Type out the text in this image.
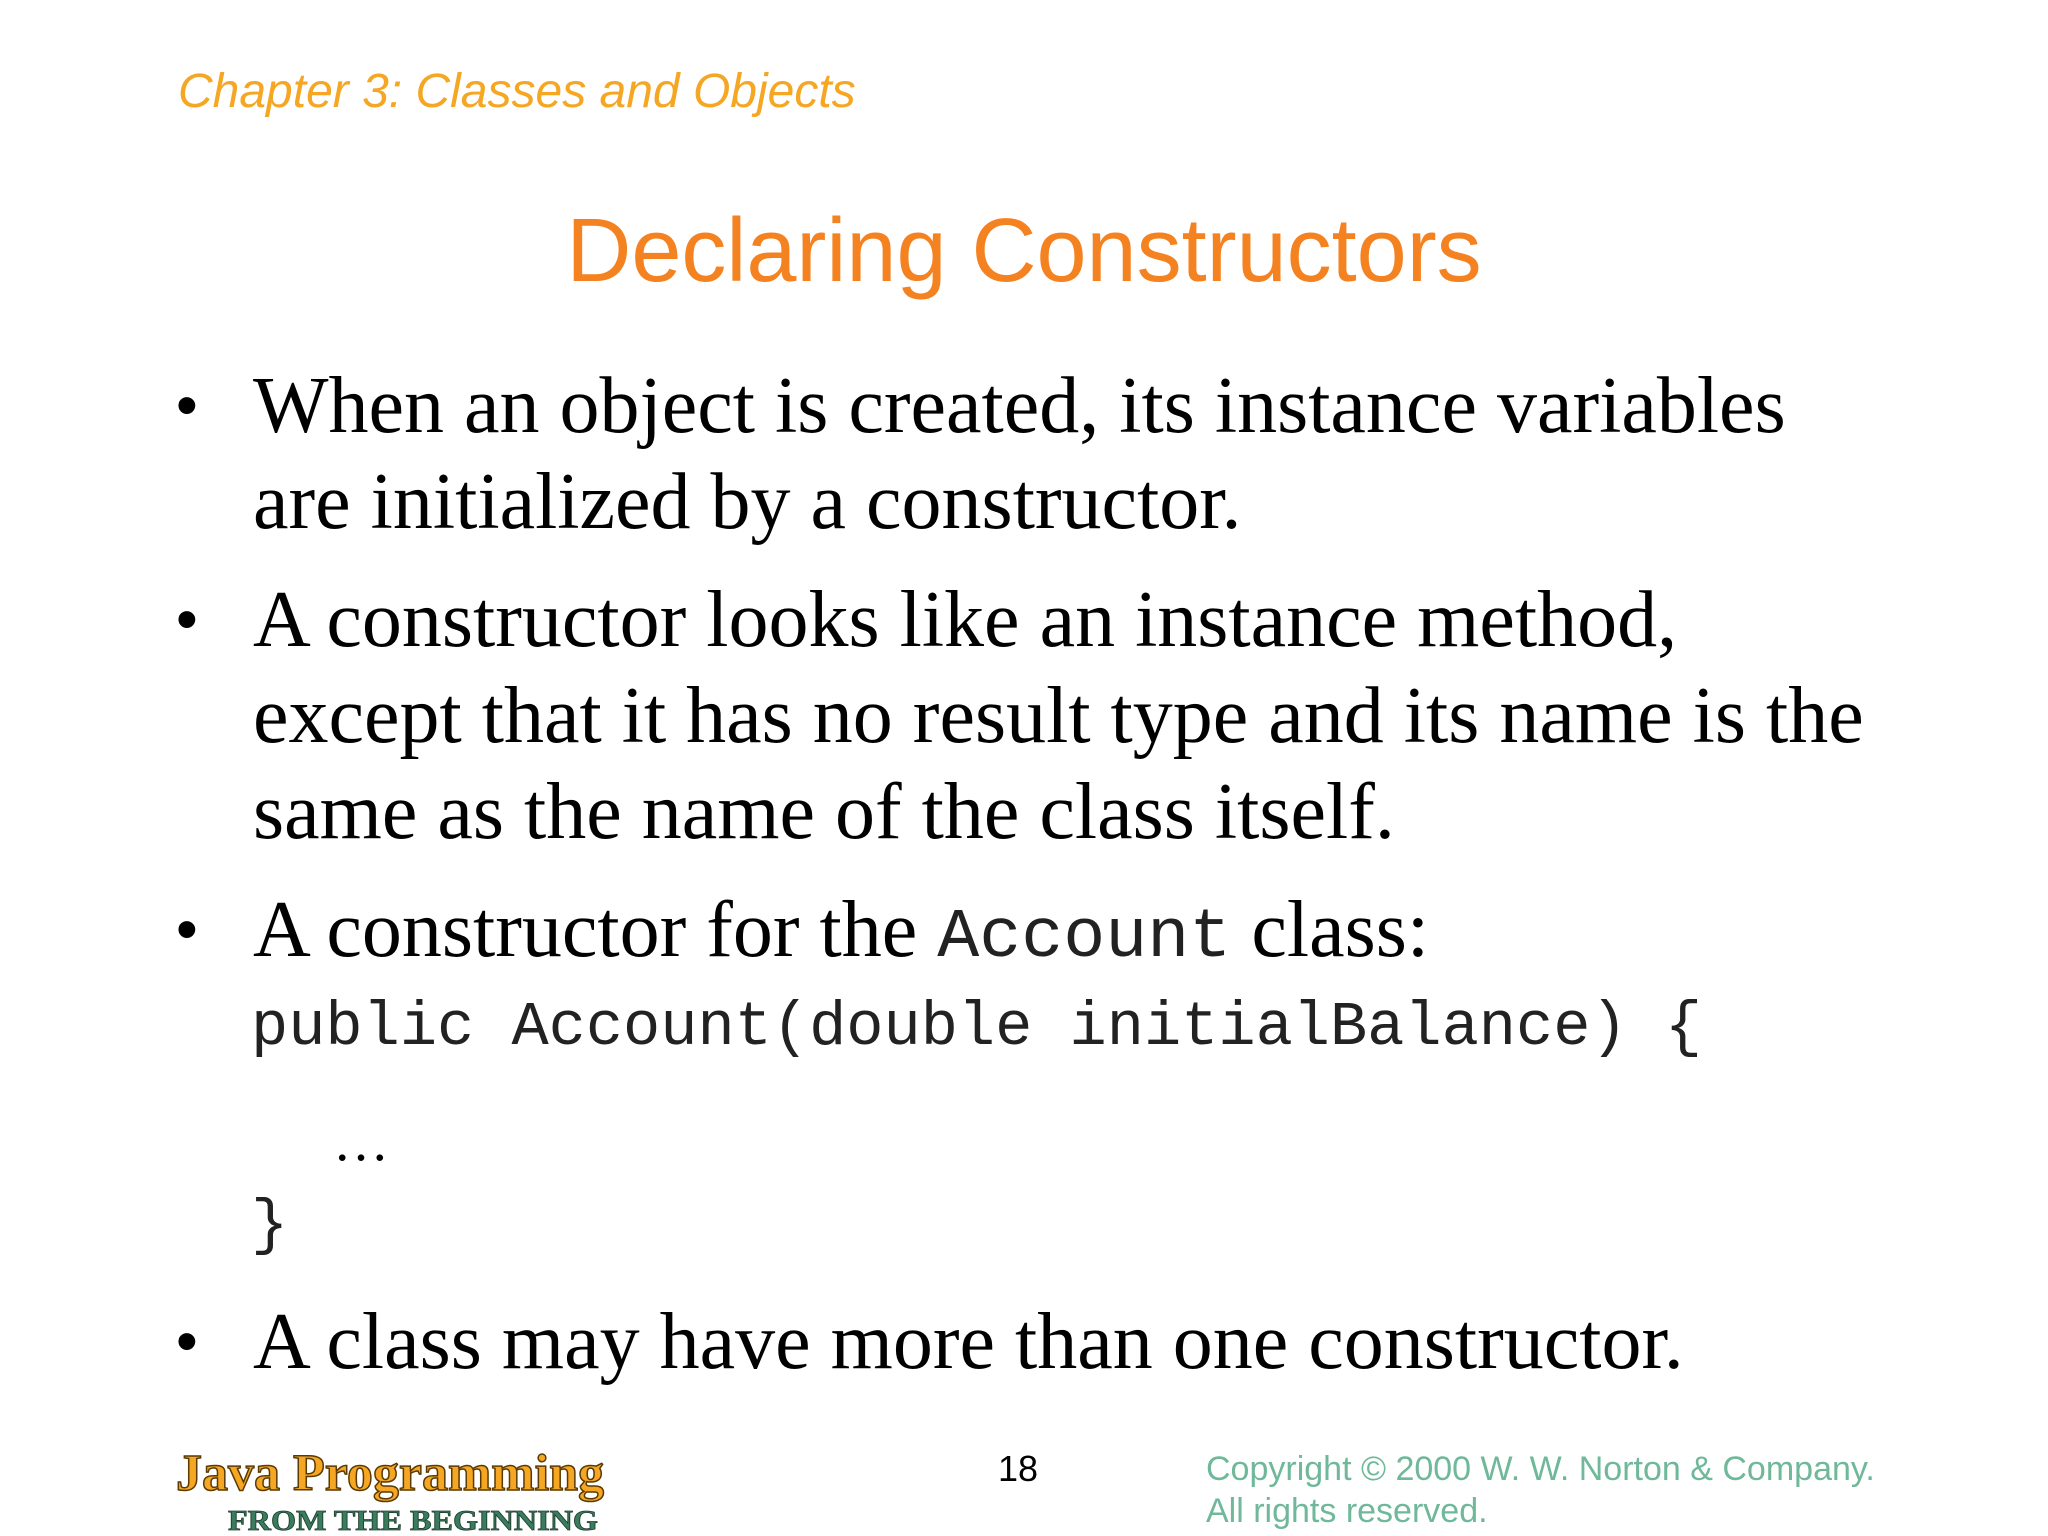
Chapter 3: Classes and Objects
Declaring Constructors
• When an object is created, its instance variables
are initialized by a constructor.
• A constructor looks like an instance method,
except that it has no result type and its name is the
same as the name of the class itself.
• A constructor for the Account class:
public Account(double initialBalance) {
…
}
• A class may have more than one constructor.
Java Programming
FROM THE BEGINNING
18	Copyright © 2000 W. W. Norton & Company.
All rights reserved.
